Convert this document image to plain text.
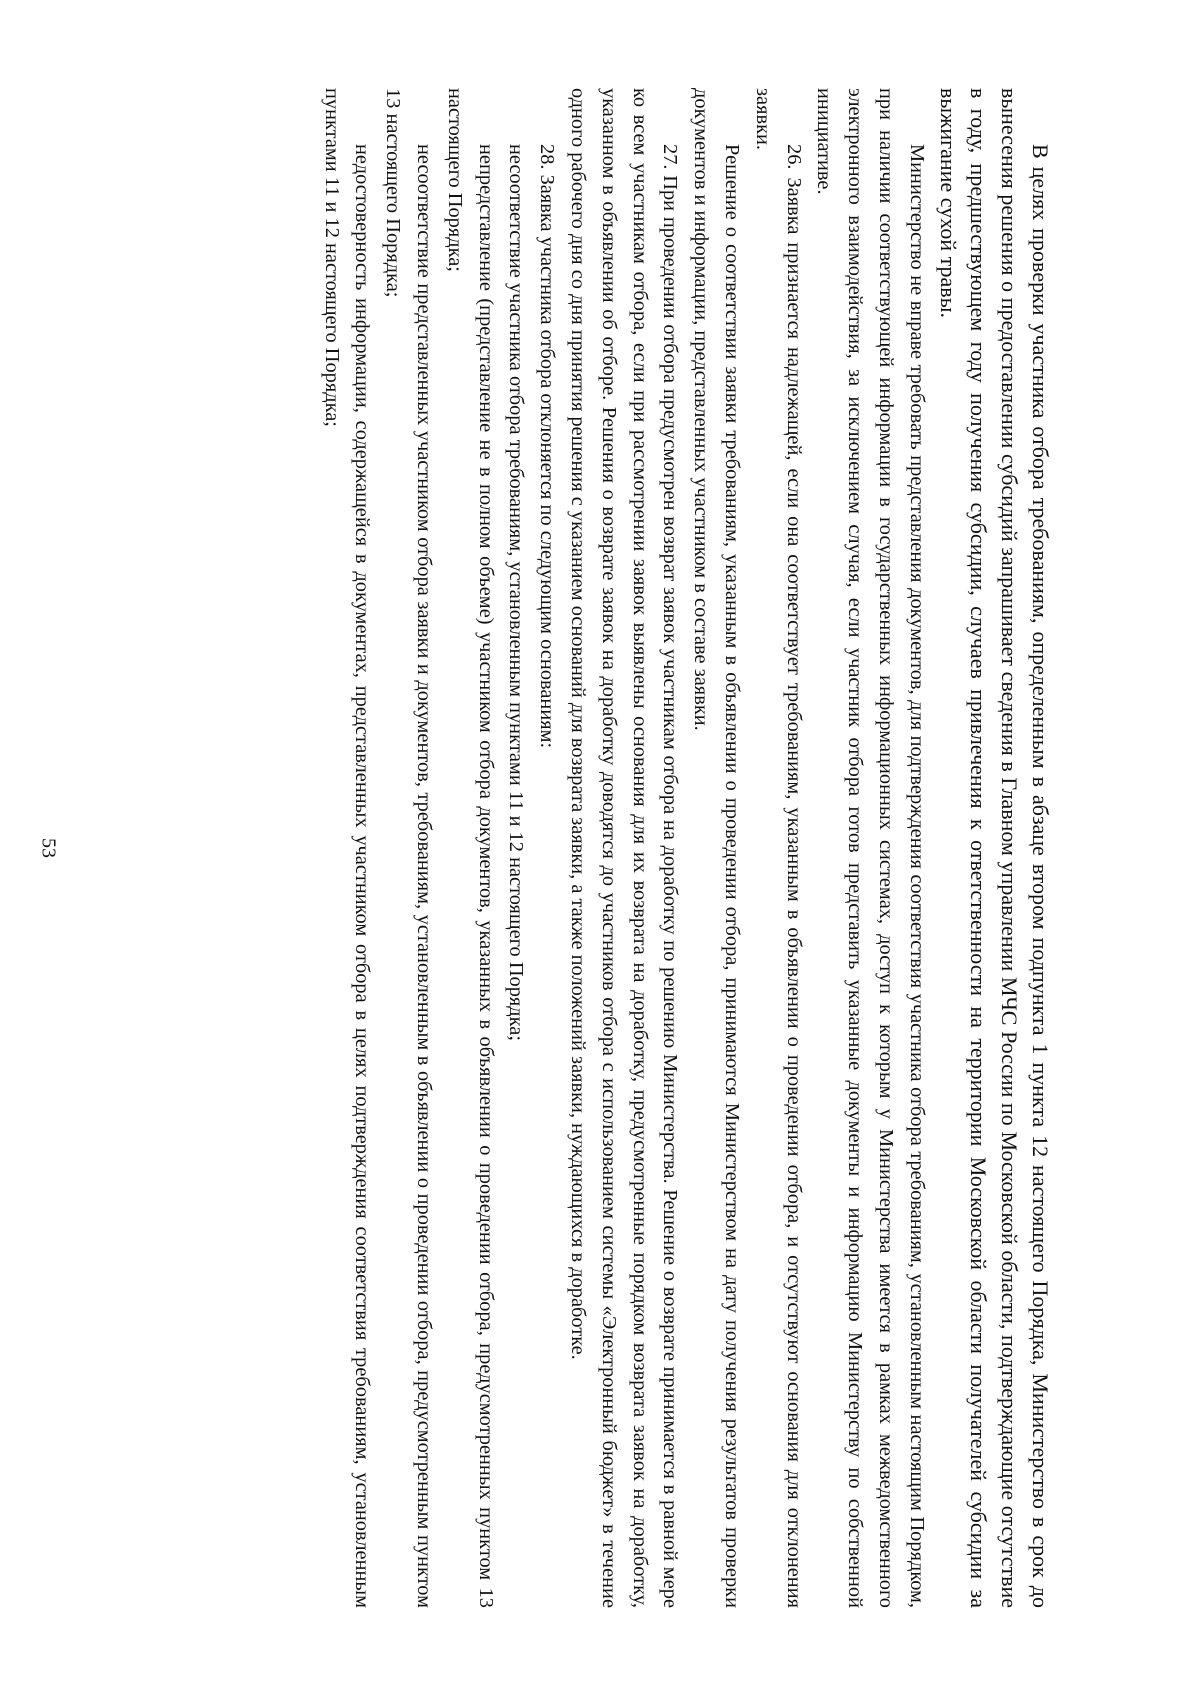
53	В целях проверки участника отбора требованиям, определенным в абзаце втором подпункта 1 пункта 12 настоящего Порядка, Министерство в срок до вынесения решения о предоставлении субсидий запрашивает сведения в Главном управлении МЧС России по Московской области, подтверждающие отсутствие в году, предшествующем году получения субсидии, случаев привлечения к ответственности на территории Московской области получателей субсидии за выжигание сухой травы.

Министерство не вправе требовать представления документов, для подтверждения соответствия участника отбора требованиям, установленным настоящим Порядком, при наличии соответствующей информации в государственных информационных системах, доступ к которым у Министерства имеется в рамках межведомственного электронного взаимодействия, за исключением случая, если участник отбора готов представить указанные документы и информацию Министерству по собственной инициативе.

26. Заявка признается надлежащей, если она соответствует требованиям, указанным в объявлении о проведении отбора, и отсутствуют основания для отклонения заявки.

Решение о соответствии заявки требованиям, указанным в объявлении о проведении отбора, принимаются Министерством на дату получения результатов проверки документов и информации, представленных участником в составе заявки.

27. При проведении отбора предусмотрен возврат заявок участникам отбора на доработку по решению Министерства. Решение о возврате принимается в равной мере ко всем участникам отбора, если при рассмотрении заявок выявлены основания для их возврата на доработку, предусмотренные порядком возврата заявок на доработку, указанном в объявлении об отборе. Решения о возврате заявок на доработку доводятся до участников отбора с использованием системы «Электронный бюджет» в течение одного рабочего дня со дня принятия решения с указанием оснований для возврата заявки, а также положений заявки, нуждающихся в доработке.

28. Заявка участника отбора отклоняется по следующим основаниям:

несоответствие участника отбора требованиям, установленным пунктами 11 и 12 настоящего Порядка;

непредставление (представление не в полном объеме) участником отбора документов, указанных в объявлении о проведении отбора, предусмотренных пунктом 13 настоящего Порядка;

несоответствие представленных участником отбора заявки и документов, требованиям, установленным в объявлении о проведении отбора, предусмотренным пунктом 13 настоящего Порядка;

недостоверность информации, содержащейся в документах, представленных участником отбора в целях подтверждения соответствия требованиям, установленным пунктами 11 и 12 настоящего Порядка;
